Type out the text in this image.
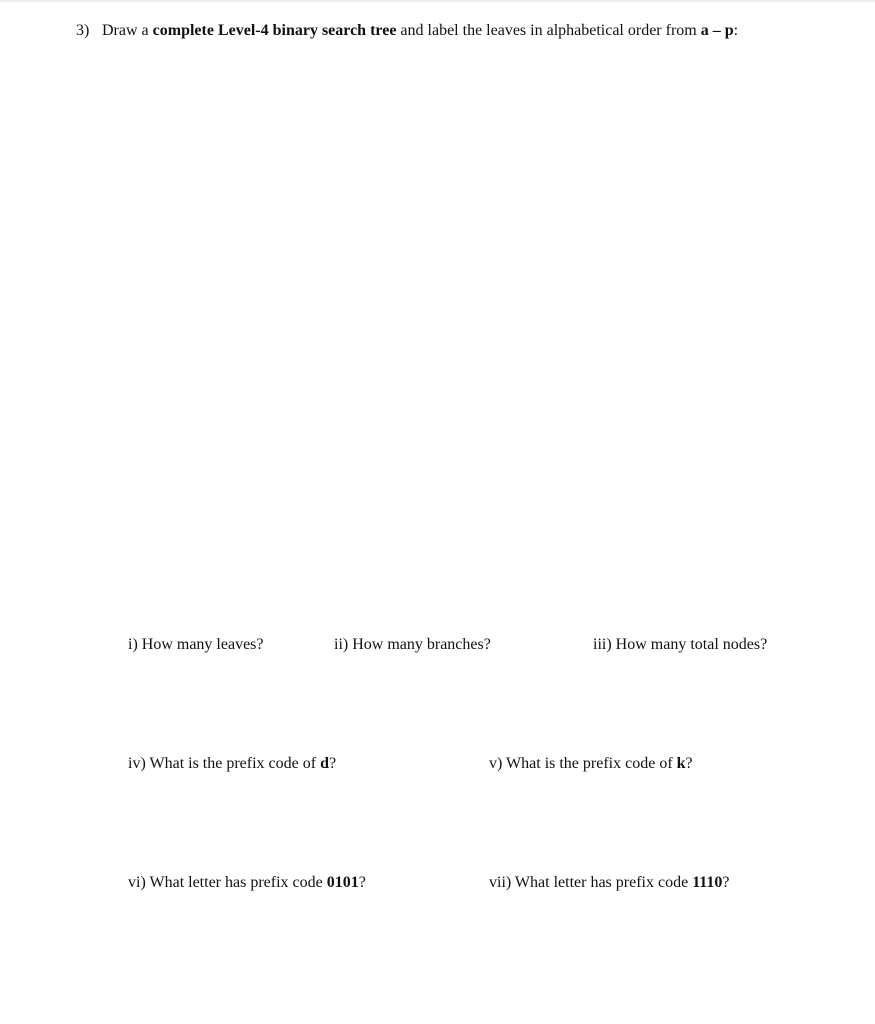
3) Draw a complete Level-4 binary search tree and label the leaves in alphabetical order from a – p:
i) How many leaves?	ii) How many branches?	iii) How many total nodes?
iv) What is the prefix code of d?	v) What is the prefix code of k?
vi) What letter has prefix code 0101?	vii) What letter has prefix code 1110?
